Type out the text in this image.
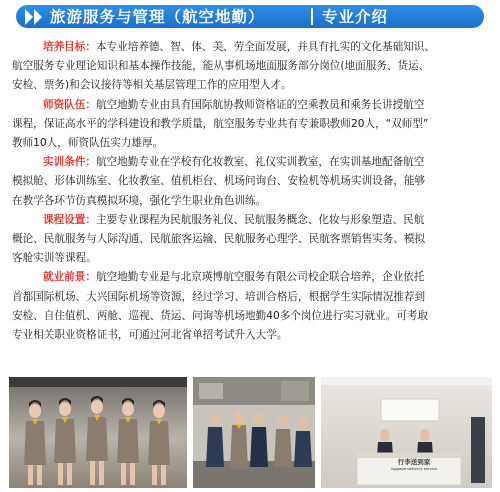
旅游服务与管理（航空地勤）	专业介绍
培养目标：本专业培养德、智、体、美、劳全面发展，并具有扎实的文化基础知识、
航空服务专业理论知识和基本操作技能，能从事机场地面服务部分岗位(地面服务、货运、
安检、票务)和会议接待等相关基层管理工作的应用型人才。
师资队伍：航空地勤专业由具有国际航协教师资格证的空乘教员和乘务长讲授航空
课程，保证高水平的学科建设和教学质量，航空服务专业共有专兼职教师20人，“双师型”
教师10人，师资队伍实力雄厚。
实训条件：航空地勤专业在学校有化妆教室、礼仪实训教室，在实训基地配备航空
模拟舱、形体训练室、化妆教室、值机柜台、机场问询台、安检机等机场实训设备，能够
在教学各环节仿真模拟环境，强化学生职业角色训练。
课程设置：主要专业课程为民航服务礼仪、民航服务概念、化妆与形象塑造、民航
概论、民航服务与人际沟通、民航旅客运输、民航服务心理学、民航客票销售实务、模拟
客舱实训等课程。
就业前景：航空地勤专业是与北京瑛博航空服务有限公司校企联合培养，企业依托
首都国际机场、大兴国际机场等资源，经过学习、培训合格后，根据学生实际情况推荐到
安检、自住值机、两舱、巡视、货运、问询等机场地勤40多个岗位进行实习就业。可考取
专业相关职业资格证书，可通过河北省单招考试升入大学。
行李送到家
luggage delivery service
